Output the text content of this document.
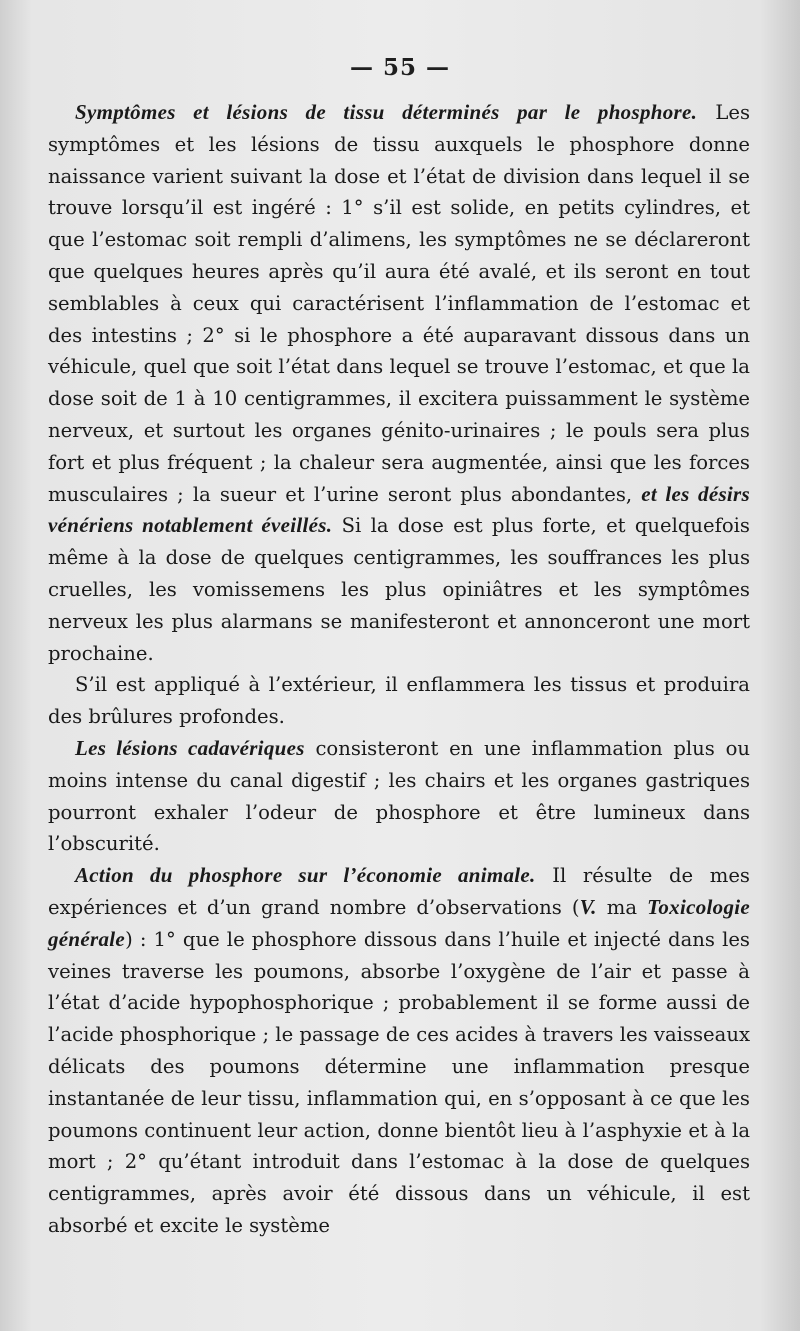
— 55 —

Symptômes et lésions de tissu déterminés par le phosphore. Les symptômes et les lésions de tissu auxquels le phosphore donne naissance varient suivant la dose et l’état de division dans lequel il se trouve lorsqu’il est ingéré : 1° s’il est solide, en petits cylindres, et que l’estomac soit rempli d’alimens, les symptômes ne se déclareront que quelques heures après qu’il aura été avalé, et ils seront en tout semblables à ceux qui caractérisent l’inflammation de l’estomac et des intestins ; 2° si le phosphore a été auparavant dissous dans un véhicule, quel que soit l’état dans lequel se trouve l’estomac, et que la dose soit de 1 à 10 centigrammes, il excitera puissamment le système nerveux, et surtout les organes génito-urinaires ; le pouls sera plus fort et plus fréquent ; la chaleur sera augmentée, ainsi que les forces musculaires ; la sueur et l’urine seront plus abondantes, et les désirs vénériens notablement éveillés. Si la dose est plus forte, et quelquefois même à la dose de quelques centigrammes, les souffrances les plus cruelles, les vomissemens les plus opiniâtres et les symptômes nerveux les plus alarmans se manifesteront et annonceront une mort prochaine.

S’il est appliqué à l’extérieur, il enflammera les tissus et produira des brûlures profondes.

Les lésions cadavériques consisteront en une inflammation plus ou moins intense du canal digestif ; les chairs et les organes gastriques pourront exhaler l’odeur de phosphore et être lumineux dans l’obscurité.

Action du phosphore sur l’économie animale. Il résulte de mes expériences et d’un grand nombre d’observations (V. ma Toxicologie générale) : 1° que le phosphore dissous dans l’huile et injecté dans les veines traverse les poumons, absorbe l’oxygène de l’air et passe à l’état d’acide hypophosphorique ; probablement il se forme aussi de l’acide phosphorique ; le passage de ces acides à travers les vaisseaux délicats des poumons détermine une inflammation presque instantanée de leur tissu, inflammation qui, en s’opposant à ce que les poumons continuent leur action, donne bientôt lieu à l’asphyxie et à la mort ; 2° qu’étant introduit dans l’estomac à la dose de quelques centigrammes, après avoir été dissous dans un véhicule, il est absorbé et excite le système
